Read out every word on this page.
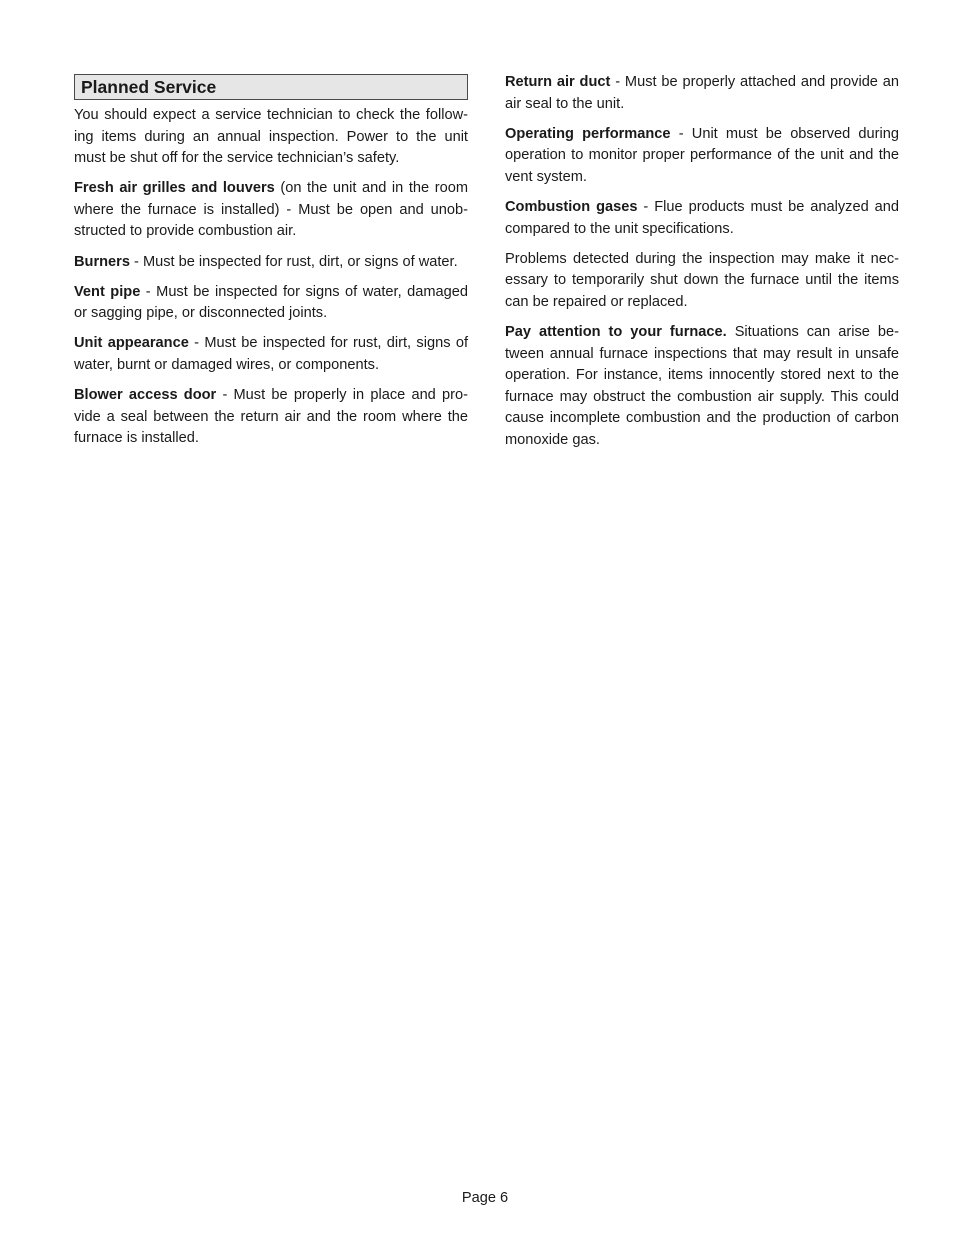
Planned Service

You should expect a service technician to check the following items during an annual inspection. Power to the unit must be shut off for the service technician’s safety.

Fresh air grilles and louvers (on the unit and in the room where the furnace is installed) - Must be open and unobstructed to provide combustion air.

Burners - Must be inspected for rust, dirt, or signs of water.

Vent pipe - Must be inspected for signs of water, damaged or sagging pipe, or disconnected joints.

Unit appearance - Must be inspected for rust, dirt, signs of water, burnt or damaged wires, or components.

Blower access door - Must be properly in place and provide a seal between the return air and the room where the furnace is installed.

Return air duct - Must be properly attached and provide an air seal to the unit.

Operating performance - Unit must be observed during operation to monitor proper performance of the unit and the vent system.

Combustion gases - Flue products must be analyzed and compared to the unit specifications.

Problems detected during the inspection may make it necessary to temporarily shut down the furnace until the items can be repaired or replaced.

Pay attention to your furnace. Situations can arise between annual furnace inspections that may result in unsafe operation. For instance, items innocently stored next to the furnace may obstruct the combustion air supply. This could cause incomplete combustion and the production of carbon monoxide gas.

Page 6
